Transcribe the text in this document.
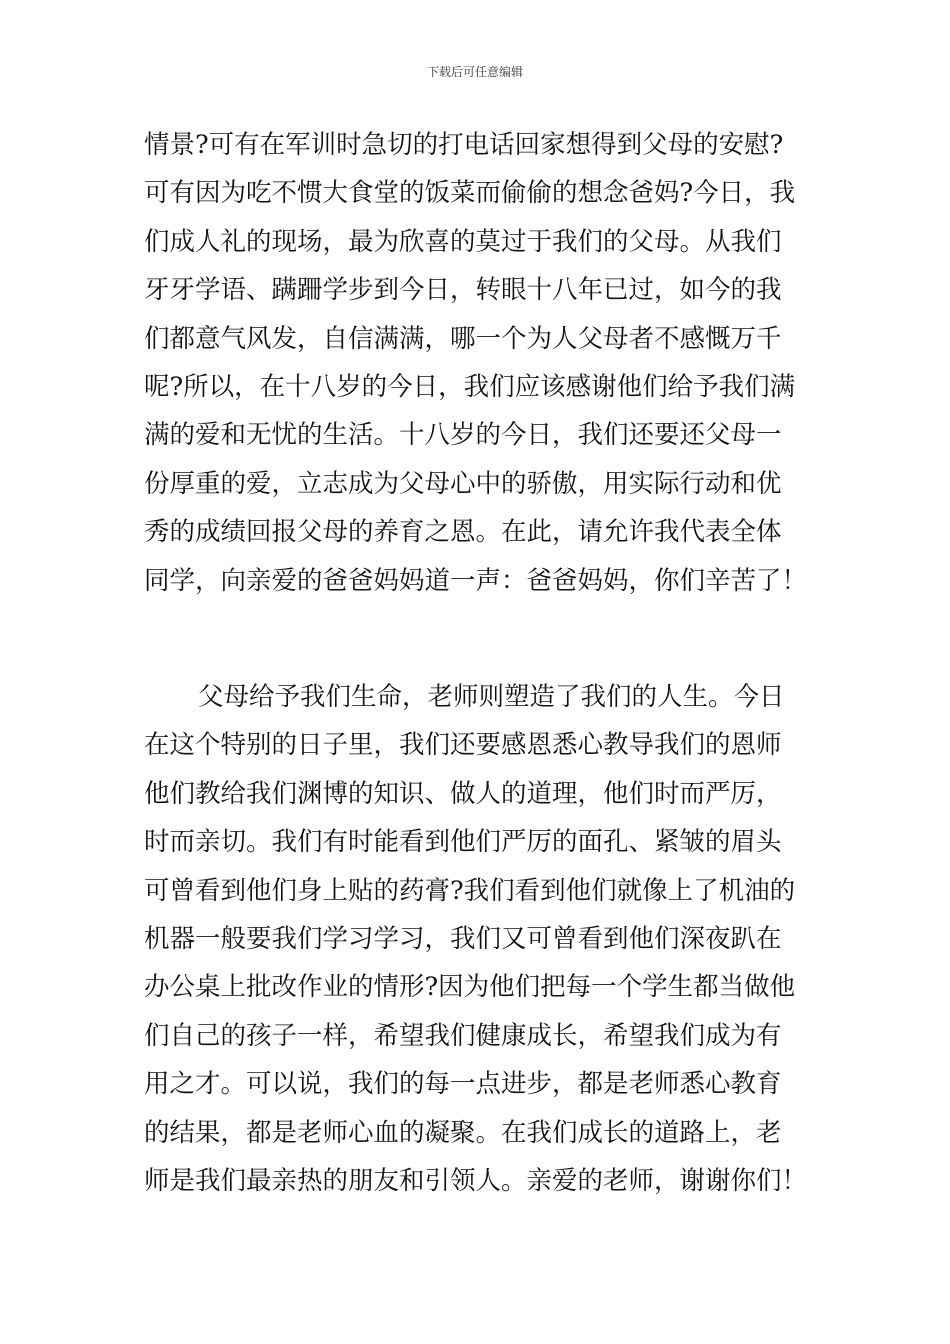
下载后可任意编辑
情景?可有在军训时急切的打电话回家想得到父母的安慰?
可有因为吃不惯大食堂的饭菜而偷偷的想念爸妈?今日，我
们成人礼的现场，最为欣喜的莫过于我们的父母。从我们
牙牙学语、蹒跚学步到今日，转眼十八年已过，如今的我
们都意气风发，自信满满，哪一个为人父母者不感慨万千
呢?所以，在十八岁的今日，我们应该感谢他们给予我们满
满的爱和无忧的生活。十八岁的今日，我们还要还父母一
份厚重的爱，立志成为父母心中的骄傲，用实际行动和优
秀的成绩回报父母的养育之恩。在此，请允许我代表全体
同学，向亲爱的爸爸妈妈道一声：爸爸妈妈，你们辛苦了！
父母给予我们生命，老师则塑造了我们的人生。今日
在这个特别的日子里，我们还要感恩悉心教导我们的恩师
他们教给我们渊博的知识、做人的道理，他们时而严厉，
时而亲切。我们有时能看到他们严厉的面孔、紧皱的眉头
可曾看到他们身上贴的药膏?我们看到他们就像上了机油的
机器一般要我们学习学习，我们又可曾看到他们深夜趴在
办公桌上批改作业的情形?因为他们把每一个学生都当做他
们自己的孩子一样，希望我们健康成长，希望我们成为有
用之才。可以说，我们的每一点进步，都是老师悉心教育
的结果，都是老师心血的凝聚。在我们成长的道路上，老
师是我们最亲热的朋友和引领人。亲爱的老师，谢谢你们！
